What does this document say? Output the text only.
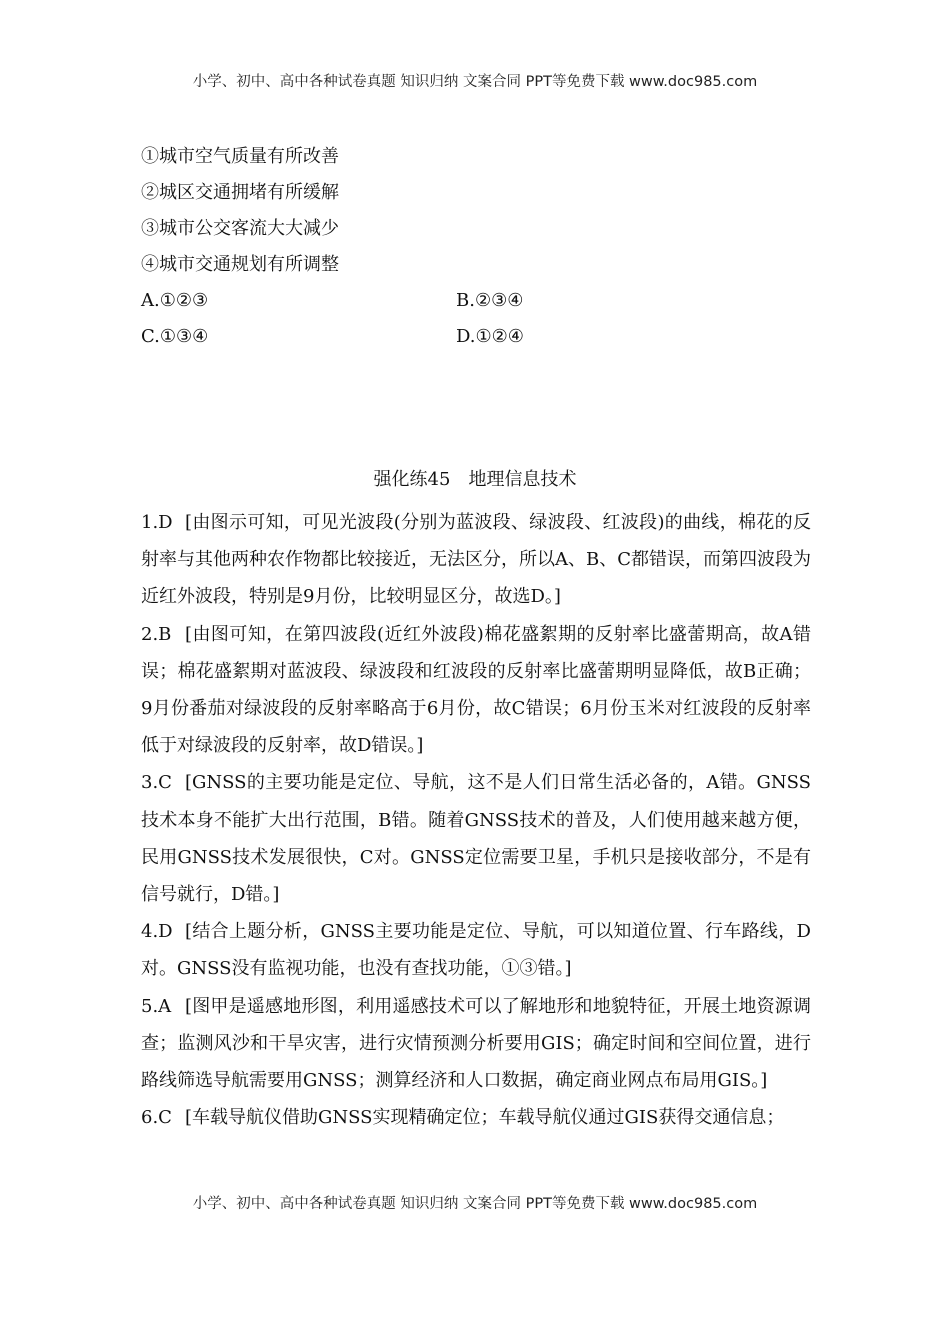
小学、初中、高中各种试卷真题 知识归纳 文案合同 PPT等免费下载 www.doc985.com
①城市空气质量有所改善
②城区交通拥堵有所缓解
③城市公交客流大大减少
④城市交通规划有所调整
A.①②③	B.②③④
C.①③④	D.①②④
强化练45　地理信息技术

1.D [由图示可知，可见光波段(分别为蓝波段、绿波段、红波段)的曲线，棉花的反射率与其他两种农作物都比较接近，无法区分，所以A、B、C都错误，而第四波段为近红外波段，特别是9月份，比较明显区分，故选D。]

2.B [由图可知，在第四波段(近红外波段)棉花盛絮期的反射率比盛蕾期高，故A错误；棉花盛絮期对蓝波段、绿波段和红波段的反射率比盛蕾期明显降低，故B正确；9月份番茄对绿波段的反射率略高于6月份，故C错误；6月份玉米对红波段的反射率低于对绿波段的反射率，故D错误。]

3.C [GNSS的主要功能是定位、导航，这不是人们日常生活必备的，A错。GNSS技术本身不能扩大出行范围，B错。随着GNSS技术的普及，人们使用越来越方便，民用GNSS技术发展很快，C对。GNSS定位需要卫星，手机只是接收部分，不是有信号就行，D错。]

4.D [结合上题分析，GNSS主要功能是定位、导航，可以知道位置、行车路线，D对。GNSS没有监视功能，也没有查找功能，①③错。]

5.A [图甲是遥感地形图，利用遥感技术可以了解地形和地貌特征，开展土地资源调查；监测风沙和干旱灾害，进行灾情预测分析要用GIS；确定时间和空间位置，进行路线筛选导航需要用GNSS；测算经济和人口数据，确定商业网点布局用GIS。]

6.C [车载导航仪借助GNSS实现精确定位；车载导航仪通过GIS获得交通信息；

小学、初中、高中各种试卷真题 知识归纳 文案合同 PPT等免费下载 www.doc985.com
